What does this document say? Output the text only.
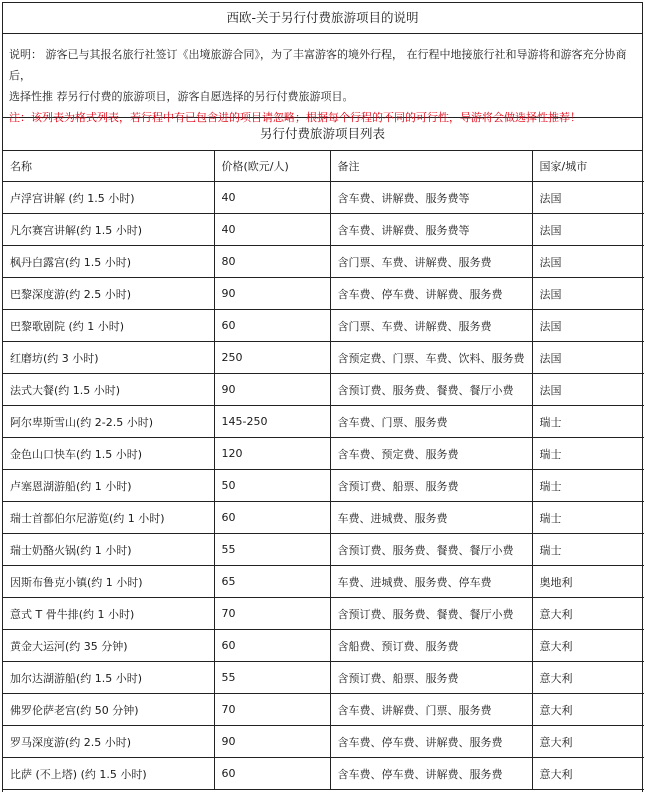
西欧-关于另行付费旅游项目的说明
说明： 游客已与其报名旅行社签订《出境旅游合同》，为了丰富游客的境外行程， 在行程中地接旅行社和导游将和游客充分协商后，
选择性推 荐另行付费的旅游项目，游客自愿选择的另行付费旅游项目。
注：该列表为格式列表，若行程中有已包含进的项目请忽略；根据每个行程的不同的可行性，导游将会做选择性推荐！
另行付费旅游项目列表
名称	价格(欧元/人)	备注	国家/城市
卢浮宫讲解 (约 1.5 小时)	40	含车费、讲解费、服务费等	法国
凡尔赛宫讲解(约 1.5 小时)	40	含车费、讲解费、服务费等	法国
枫丹白露宫(约 1.5 小时)	80	含门票、车费、讲解费、服务费	法国
巴黎深度游(约 2.5 小时)	90	含车费、停车费、讲解费、服务费	法国
巴黎歌剧院 (约 1 小时)	60	含门票、车费、讲解费、服务费	法国
红磨坊(约 3 小时)	250	含预定费、门票、车费、饮料、服务费	法国
法式大餐(约 1.5 小时)	90	含预订费、服务费、餐费、餐厅小费	法国
阿尔卑斯雪山(约 2-2.5 小时)	145-250	含车费、门票、服务费	瑞士
金色山口快车(约 1.5 小时)	120	含车费、预定费、服务费	瑞士
卢塞恩湖游船(约 1 小时)	50	含预订费、船票、服务费	瑞士
瑞士首都伯尔尼游览(约 1 小时)	60	车费、进城费、服务费	瑞士
瑞士奶酪火锅(约 1 小时)	55	含预订费、服务费、餐费、餐厅小费	瑞士
因斯布鲁克小镇(约 1 小时)	65	车费、进城费、服务费、停车费	奥地利
意式 T 骨牛排(约 1 小时)	70	含预订费、服务费、餐费、餐厅小费	意大利
黄金大运河(约 35 分钟)	60	含船费、预订费、服务费	意大利
加尔达湖游船(约 1.5 小时)	55	含预订费、船票、服务费	意大利
佛罗伦萨老宫(约 50 分钟)	70	含车费、讲解费、门票、服务费	意大利
罗马深度游(约 2.5 小时)	90	含车费、停车费、讲解费、服务费	意大利
比萨 (不上塔) (约 1.5 小时)	60	含车费、停车费、讲解费、服务费	意大利
